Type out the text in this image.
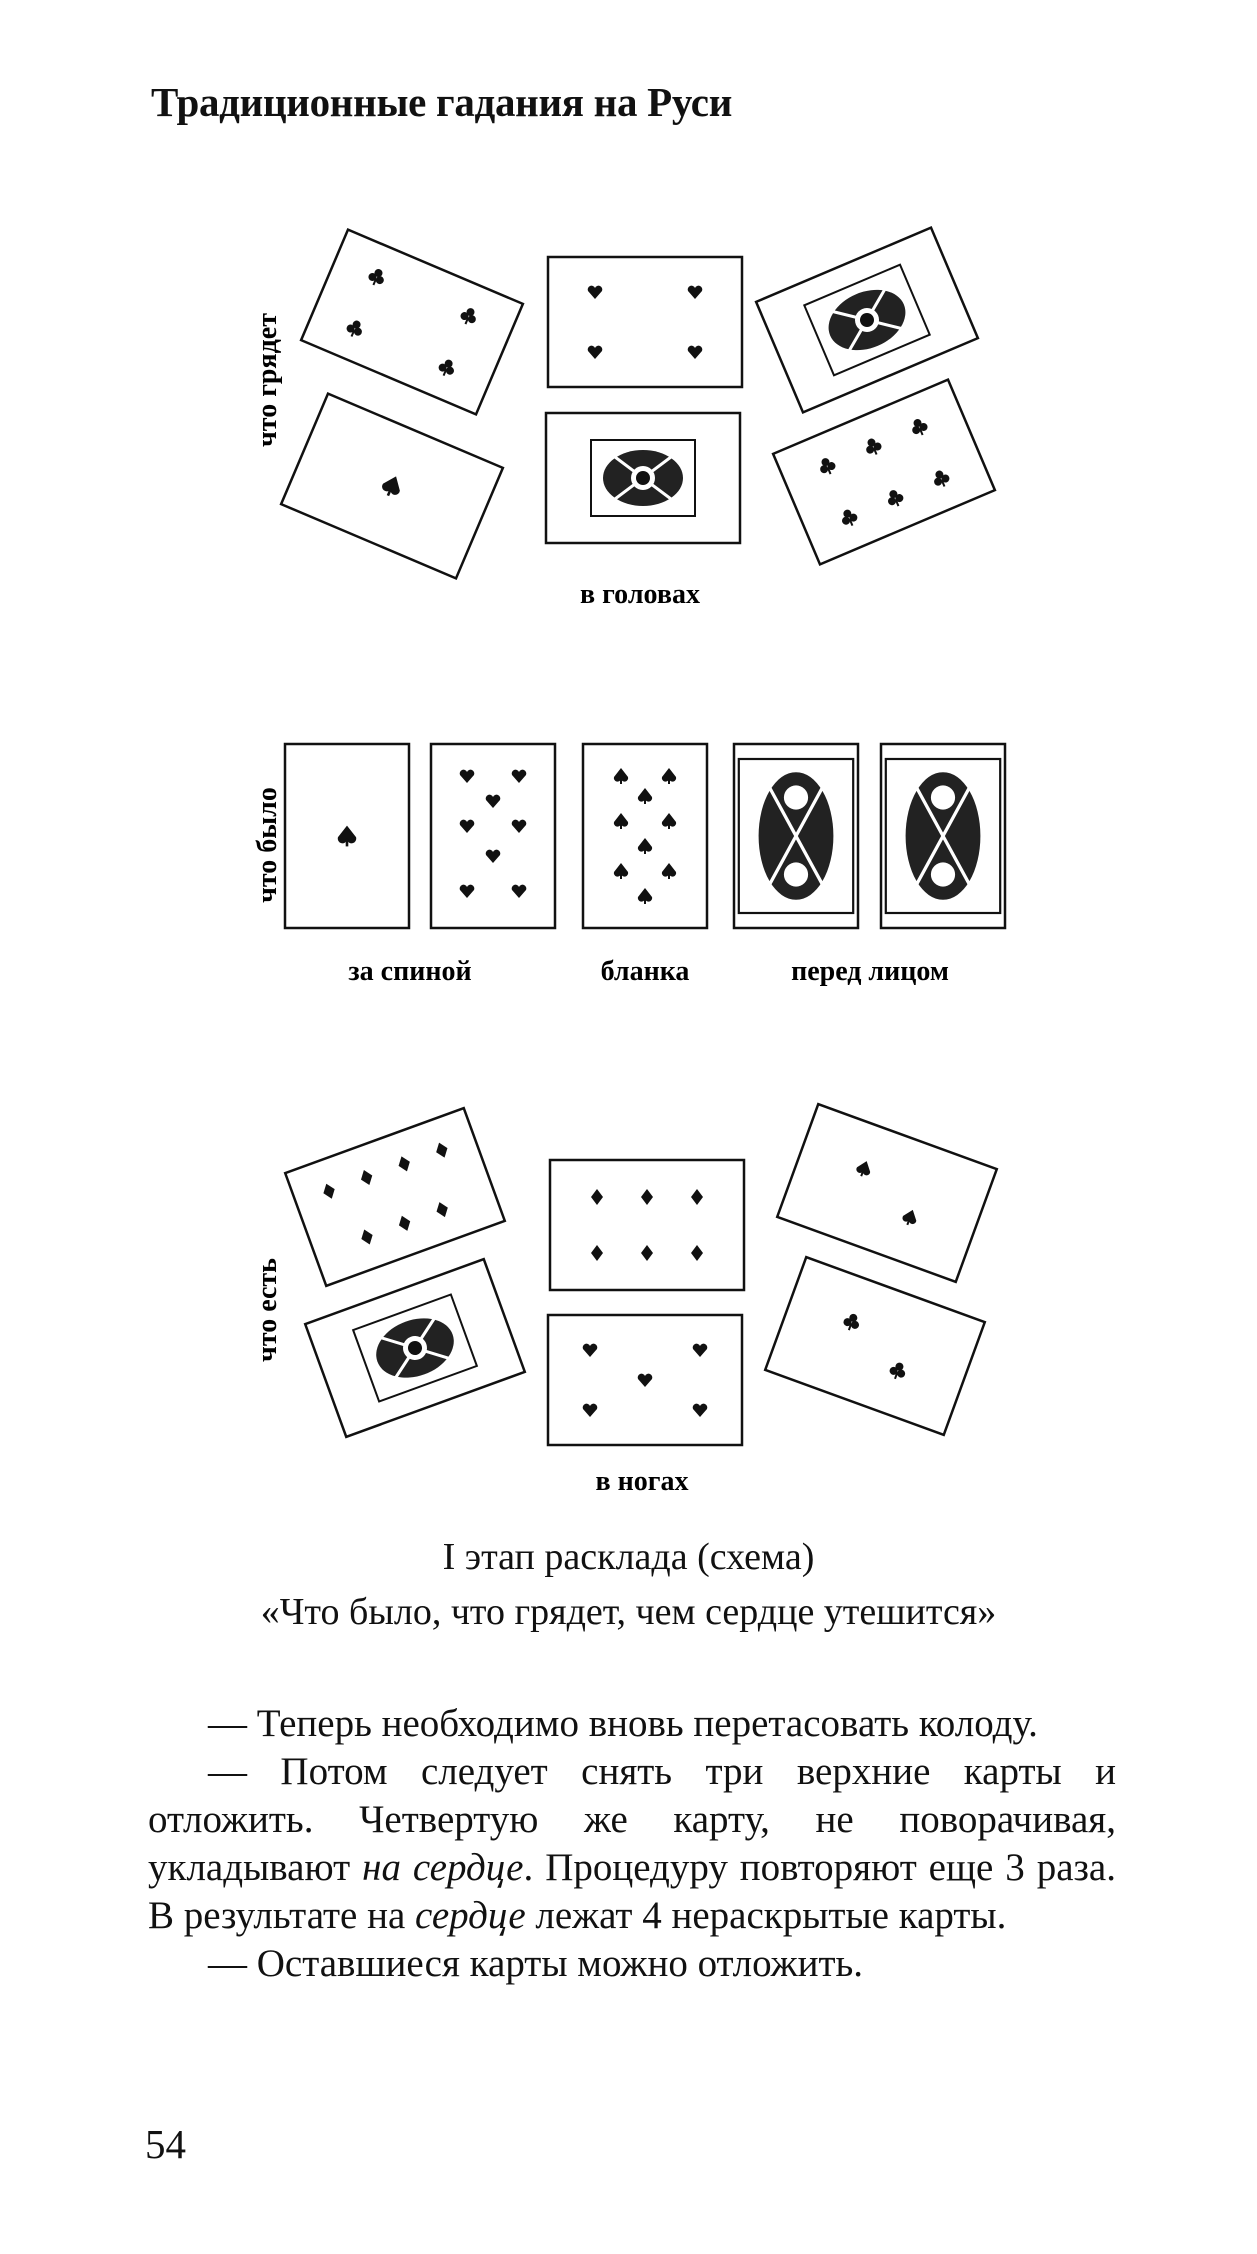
Традиционные гадания на Руси
что грядет
в головах
что было
за спиной	бланка	перед лицом
что есть
в ногах
I этап расклада (схема)
«Что было, что грядет, чем сердце утешится»

— Теперь необходимо вновь перетасовать колоду.

— Потом следует снять три верхние карты и отложить. Четвертую же карту, не поворачивая, укладывают на сердце. Процедуру повторяют еще 3 раза. В результате на сердце лежат 4 нераскрытые карты.

— Оставшиеся карты можно отложить.

54
